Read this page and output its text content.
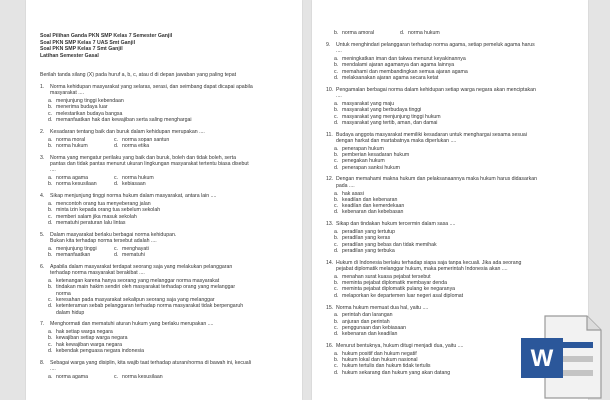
Soal Pilihan Ganda PKN SMP Kelas 7 Semester Ganjil
Soal PKN SMP Kelas 7 UAS Smt Ganjil
Soal PKN SMP Kelas 7 Smt Ganjil
Latihan Semester Gasal
Berilah tanda silang (X) pada huruf a, b, c, atau d di depan jawaban yang paling tepat
1. Norma kehidupan masyarakat yang selaras, serasi, dan seimbang dapat dicapai apabila
masyarakat ....
a. menjunjung tinggi kebendaan
b. menerima budaya luar
c. melestarikan budaya bangsa
d. memanfaatkan hak dan kewajiban serta saling menghargai
2. Kesadaran tentang baik dan buruk dalam kehidupan merupakan ....
a. norma moral	c. norma sopan santun
b. norma hukum	d. norma etika
3. Norma yang mengatur perilaku yang baik dan buruk, boleh dan tidak boleh, serta
pantas dan tidak pantas menurut ukuran lingkungan masyarakat tertentu biasa disebut
....
a. norma agama	c. norma hukum
b. norma kesusilaan	d. kebiasaan
4. Sikap menjunjung tinggi norma hukum dalam masyarakat, antara lain ....
a. mencontoh orang tua menyeberang jalan
b. minta izin kepada orang tua sebelum sekolah
c. memberi salam jika masuk sekolah
d. mematuhi peraturan lalu lintas
5. Dalam masyarakat berlaku berbagai norma kehidupan.
Bukan kita terhadap norma tersebut adalah ....
a. menjunjung tinggi	c. menghayati
b. memanfaatkan	d. mematuhi
6. Apabila dalam masyarakat terdapat seorang saja yang melakukan pelanggaran
terhadap norma masyarakat berakibat ....
a. ketenangan karena hanya seorang yang melanggar norma masyarakat
b. tindakan main hakim sendiri oleh masyarakat terhadap orang yang melanggar
norma
c. keresahan pada masyarakat sekalipun seorang saja yang melanggar
d. ketenteraman sebab pelanggaran terhadap norma masyarakat tidak berpengaruh
dalam hidup
7. Menghormati dan mematuhi aturan hukum yang berlaku merupakan ....
a. hak setiap warga negara
b. kewajiban setiap warga negara
c. hak kewajiban warga negara
d. kebendak penguasa negara indonesia
8. Sebagai warga yang disiplin, kita wajib taat terhadap aturan/norma di bawah ini, kecuali
....
a. norma agama	c. norma kesusilaan
b. norma amoral	d. norma hukum
9. Untuk menghindari pelanggaran terhadap norma agama, setiap pemeluk agama harus
....
a. meningkatkan iman dan takwa menurut keyakinannya
b. mendalami ajaran agamanya dan agama lainnya
c. memahami dan membandingkan semua ajaran agama
d. melaksanakan ajaran agama secara ketat
10. Pengamalan berbagai norma dalam kehidupan setiap warga negara akan menciptakan
....
a. masyarakat yang maju
b. masyarakat yang berbudaya tinggi
c. masyarakat yang menjunjung tinggi hukum
d. masyarakat yang tertib, aman, dan damai
11. Budaya anggota masyarakat memiliki kesadaran untuk menghargai sesama sesuai
dengan harkat dan martabatnya maka diperlukan ....
a. penerapan hukum
b. pemberian kesadaran hukum
c. penegakan hukum
d. penerapan sanksi hukum
12. Dengan memahami makna hukum dan pelaksanaannya maka hukum harus didasarkan
pada ....
a. hak asasi
b. keadilan dan kebenaran
c. keadilan dan kemerdekaan
d. kebenaran dan kebebasan
13. Sikap dan tindakan hukum tercermin dalam sasa ....
a. peradilan yang tertutup
b. peradilan yang keras
c. peradilan yang bebas dan tidak memihak
d. peradilan yang terbuka
14. Hukum di Indonesia berlaku terhadap siapa saja tanpa kecuali. Jika ada seorang
pejabat diplomatik melanggar hukum, maka pemerintah Indonesia akan ....
a. menahan surat kuasa pejabat tersebut
b. meminta pejabat diplomatik membayar denda
c. meminta pejabat diplomatik pulang ke negaranya
d. melaporkan ke departemen luar negeri asal diplomat
15. Norma hukum memuat dua hal, yaitu ....
a. perintah dan larangan
b. anjuran dan perintah
c. penggunaan dan kebiasaan
d. kebenaran dan keadilan
16. Menurut bentuknya, hukum ditugi menjadi dua, yaitu ....
a. hukum positif dan hukum negatif
b. hukum lokal dan hukum nasional
c. hukum tertulis dan hukum tidak tertulis
d. hukum sekarang dan hukum yang akan datang
W
